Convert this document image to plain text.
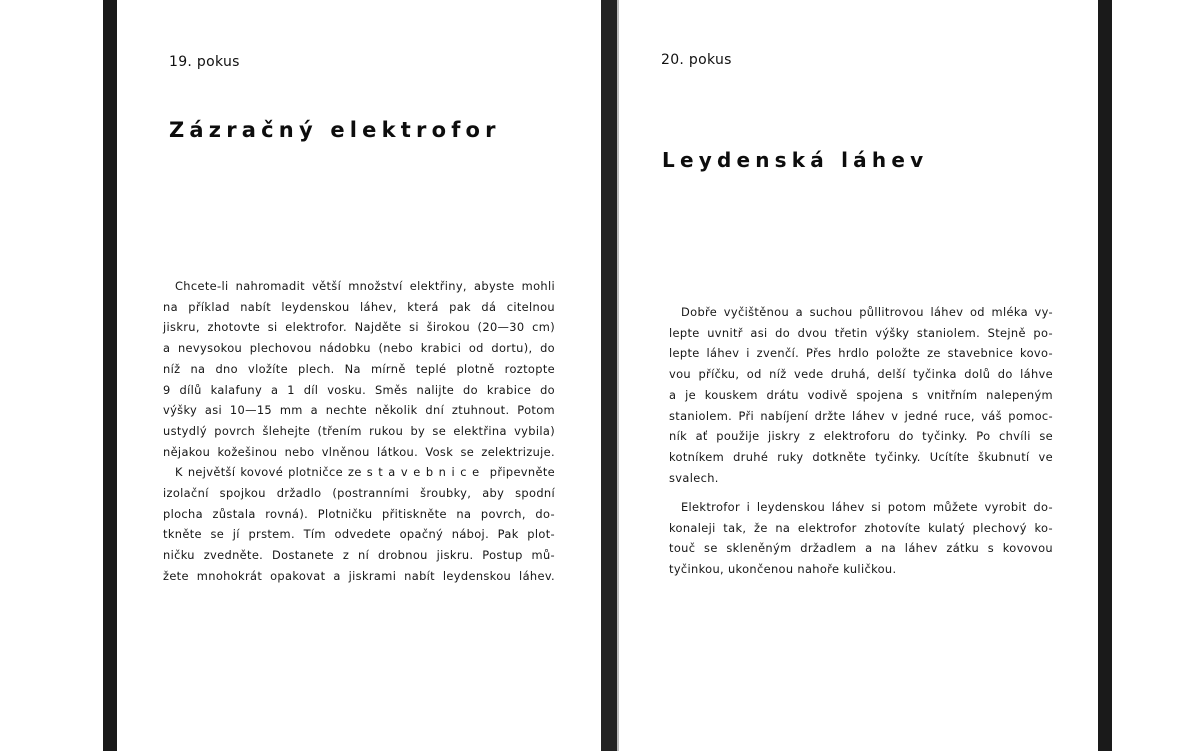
19. pokus
Zázračný elektrofor
Chcete-li nahromadit větší množství elektřiny, abyste mohli
na příklad nabít leydenskou láhev, která pak dá citelnou
jiskru, zhotovte si elektrofor. Najděte si širokou (20—30 cm)
a nevysokou plechovou nádobku (nebo krabici od dortu), do
níž na dno vložíte plech. Na mírně teplé plotně roztopte
9 dílů kalafuny a 1 díl vosku. Směs nalijte do krabice do
výšky asi 10—15 mm a nechte několik dní ztuhnout. Potom
ustydlý povrch šlehejte (třením rukou by se elektřina vybila)
nějakou kožešinou nebo vlněnou látkou. Vosk se zelektrizuje.
K největší kovové plotničce ze stavebnice připevněte
izolační spojkou držadlo (postranními šroubky, aby spodní
plocha zůstala rovná). Plotničku přitiskněte na povrch, do-
tkněte se jí prstem. Tím odvedete opačný náboj. Pak plot-
ničku zvedněte. Dostanete z ní drobnou jiskru. Postup mů-
žete mnohokrát opakovat a jiskrami nabít leydenskou láhev.
20. pokus
Leydenská láhev
Dobře vyčištěnou a suchou půllitrovou láhev od mléka vy-
lepte uvnitř asi do dvou třetin výšky staniolem. Stejně po-
lepte láhev i zvenčí. Přes hrdlo položte ze stavebnice kovo-
vou příčku, od níž vede druhá, delší tyčinka dolů do láhve
a je kouskem drátu vodivě spojena s vnitřním nalepeným
staniolem. Při nabíjení držte láhev v jedné ruce, váš pomoc-
ník ať použije jiskry z elektroforu do tyčinky. Po chvíli se
kotníkem druhé ruky dotkněte tyčinky. Ucítíte škubnutí ve
svalech.
Elektrofor i leydenskou láhev si potom můžete vyrobit do-
konaleji tak, že na elektrofor zhotovíte kulatý plechový ko-
touč se skleněným držadlem a na láhev zátku s kovovou
tyčinkou, ukončenou nahoře kuličkou.
